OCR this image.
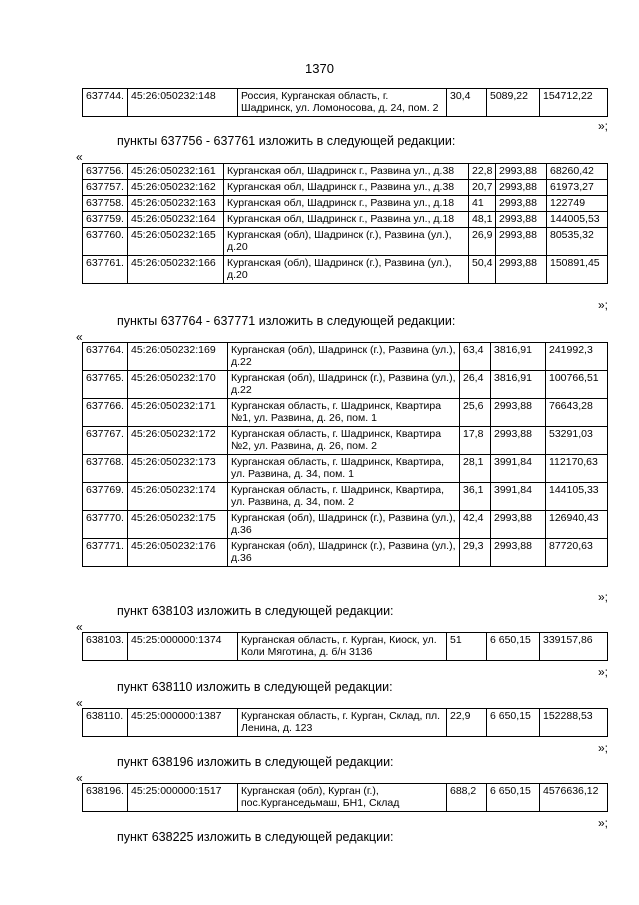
1370
637744.	45:26:050232:148	Россия, Курганская область, г. Шадринск, ул. Ломоносова, д. 24, пом. 2	30,4	5089,22	154712,22
»;
пункты 637756 - 637761 изложить в следующей редакции:
«
637756.	45:26:050232:161	Курганская обл, Шадринск г., Развина ул., д.38	22,8	2993,88	68260,42
637757.	45:26:050232:162	Курганская обл, Шадринск г., Развина ул., д.38	20,7	2993,88	61973,27
637758.	45:26:050232:163	Курганская обл, Шадринск г., Развина ул., д.18	41	2993,88	122749
637759.	45:26:050232:164	Курганская обл, Шадринск г., Развина ул., д.18	48,1	2993,88	144005,53
637760.	45:26:050232:165	Курганская (обл), Шадринск (г.), Развина (ул.), д.20	26,9	2993,88	80535,32
637761.	45:26:050232:166	Курганская (обл), Шадринск (г.), Развина (ул.), д.20	50,4	2993,88	150891,45
»;
пункты 637764 - 637771 изложить в следующей редакции:
«
637764.	45:26:050232:169	Курганская (обл), Шадринск (г.), Развина (ул.), д.22	63,4	3816,91	241992,3
637765.	45:26:050232:170	Курганская (обл), Шадринск (г.), Развина (ул.), д.22	26,4	3816,91	100766,51
637766.	45:26:050232:171	Курганская область, г. Шадринск, Квартира №1, ул. Развина, д. 26, пом. 1	25,6	2993,88	76643,28
637767.	45:26:050232:172	Курганская область, г. Шадринск, Квартира №2, ул. Развина, д. 26, пом. 2	17,8	2993,88	53291,03
637768.	45:26:050232:173	Курганская область, г. Шадринск, Квартира, ул. Развина, д. 34, пом. 1	28,1	3991,84	112170,63
637769.	45:26:050232:174	Курганская область, г. Шадринск, Квартира, ул. Развина, д. 34, пом. 2	36,1	3991,84	144105,33
637770.	45:26:050232:175	Курганская (обл), Шадринск (г.), Развина (ул.), д.36	42,4	2993,88	126940,43
637771.	45:26:050232:176	Курганская (обл), Шадринск (г.), Развина (ул.), д.36	29,3	2993,88	87720,63
»;
пункт 638103 изложить в следующей редакции:
«
638103.	45:25:000000:1374	Курганская область, г. Курган, Киоск, ул. Коли Мяготина, д. б/н 3136	51	6 650,15	339157,86
»;
пункт 638110 изложить в следующей редакции:
«
638110.	45:25:000000:1387	Курганская область, г. Курган, Склад, пл. Ленина, д. 123	22,9	6 650,15	152288,53
»;
пункт 638196 изложить в следующей редакции:
«
638196.	45:25:000000:1517	Курганская (обл), Курган (г.), пос.Курганседьмаш, БН1, Склад	688,2	6 650,15	4576636,12
»;
пункт 638225 изложить в следующей редакции:
